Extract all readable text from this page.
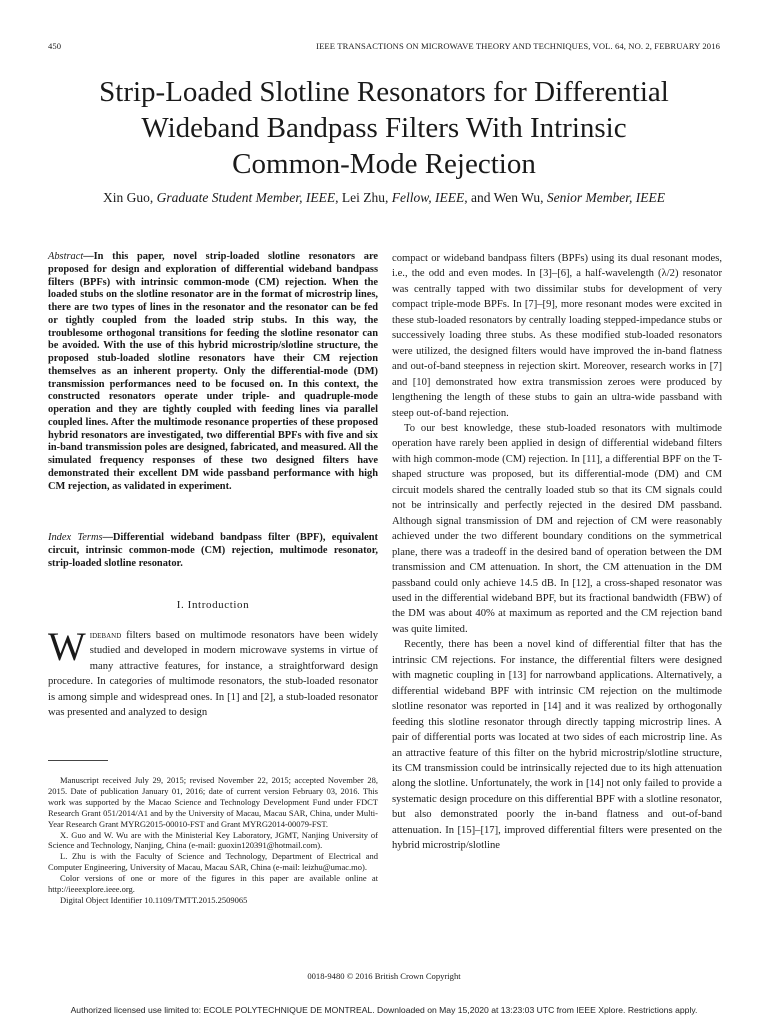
450	IEEE TRANSACTIONS ON MICROWAVE THEORY AND TECHNIQUES, VOL. 64, NO. 2, FEBRUARY 2016
Strip-Loaded Slotline Resonators for Differential
Wideband Bandpass Filters With Intrinsic
Common-Mode Rejection
Xin Guo, Graduate Student Member, IEEE, Lei Zhu, Fellow, IEEE, and Wen Wu, Senior Member, IEEE
Abstract—In this paper, novel strip-loaded slotline resonators are proposed for design and exploration of differential wideband bandpass filters (BPFs) with intrinsic common-mode (CM) rejection. When the loaded stubs on the slotline resonator are in the format of microstrip lines, there are two types of lines in the resonator and the resonator can be fed or tightly coupled from the loaded strip stubs. In this way, the troublesome orthogonal transitions for feeding the slotline resonator can be avoided. With the use of this hybrid microstrip/slotline structure, the proposed stub-loaded slotline resonators have their CM rejection themselves as an inherent property. Only the differential-mode (DM) transmission performances need to be focused on. In this context, the constructed resonators operate under triple- and quadruple-mode operation and they are tightly coupled with feeding lines via parallel coupled lines. After the multimode resonance properties of these proposed hybrid resonators are investigated, two differential BPFs with five and six in-band transmission poles are designed, fabricated, and measured. All the simulated frequency responses of these two designed filters have demonstrated their excellent DM wide passband performance with high CM rejection, as validated in experiment.
Index Terms—Differential wideband bandpass filter (BPF), equivalent circuit, intrinsic common-mode (CM) rejection, multimode resonator, strip-loaded slotline resonator.
I. Introduction
Wideband filters based on multimode resonators have been widely studied and developed in modern microwave systems in virtue of many attractive features, for instance, a straightforward design procedure. In categories of multimode resonators, the stub-loaded resonator is among simple and widespread ones. In [1] and [2], a stub-loaded resonator was presented and analyzed to design

Manuscript received July 29, 2015; revised November 22, 2015; accepted November 28, 2015. Date of publication January 01, 2016; date of current version February 03, 2016. This work was supported by the Macao Science and Technology Development Fund under FDCT Research Grant 051/2014/A1 and by the University of Macau, Macau SAR, China, under Multi-Year Research Grant MYRG2015-00010-FST and Grant MYRG2014-00079-FST.

X. Guo and W. Wu are with the Ministerial Key Laboratory, JGMT, Nanjing University of Science and Technology, Nanjing, China (e-mail: guoxin120391@hotmail.com).

L. Zhu is with the Faculty of Science and Technology, Department of Electrical and Computer Engineering, University of Macau, Macau SAR, China (e-mail: leizhu@umac.mo).

Color versions of one or more of the figures in this paper are available online at http://ieeexplore.ieee.org.

Digital Object Identifier 10.1109/TMTT.2015.2509065

compact or wideband bandpass filters (BPFs) using its dual resonant modes, i.e., the odd and even modes. In [3]–[6], a half-wavelength (λ/2) resonator was centrally tapped with two dissimilar stubs for development of very compact triple-mode BPFs. In [7]–[9], more resonant modes were excited in these stub-loaded resonators by centrally loading stepped-impedance stubs or successively loading three stubs. As these modified stub-loaded resonators were utilized, the designed filters would have improved the in-band flatness and out-of-band steepness in rejection skirt. Moreover, research works in [7] and [10] demonstrated how extra transmission zeroes were produced by lengthening the length of these stubs to gain an ultra-wide passband with steep out-of-band rejection.

To our best knowledge, these stub-loaded resonators with multimode operation have rarely been applied in design of differential wideband filters with high common-mode (CM) rejection. In [11], a differential BPF on the T-shaped structure was proposed, but its differential-mode (DM) and CM circuit models shared the centrally loaded stub so that its CM signals could not be intrinsically and perfectly rejected in the desired DM passband. Although signal transmission of DM and rejection of CM were reasonably achieved under the two different boundary conditions on the symmetrical plane, there was a tradeoff in the desired band of operation between the DM transmission and CM attenuation. In short, the CM attenuation in the DM passband could only achieve 14.5 dB. In [12], a cross-shaped resonator was used in the differential wideband BPF, but its fractional bandwidth (FBW) of the DM was about 40% at maximum as reported and the CM rejection band was quite limited.

Recently, there has been a novel kind of differential filter that has the intrinsic CM rejections. For instance, the differential filters were designed with magnetic coupling in [13] for narrowband applications. Alternatively, a differential wideband BPF with intrinsic CM rejection on the multimode slotline resonator was reported in [14] and it was realized by orthogonally feeding this slotline resonator through directly tapping microstrip lines. A pair of differential ports was located at two sides of each microstrip line. As an attractive feature of this filter on the hybrid microstrip/slotline structure, its CM transmission could be intrinsically rejected due to its high attenuation along the slotline. Unfortunately, the work in [14] not only failed to provide a systematic design procedure on this differential BPF with a slotline resonator, but also demonstrated poorly the in-band flatness and out-of-band attenuation. In [15]–[17], improved differential filters were presented on the hybrid microstrip/slotline

0018-9480 © 2016 British Crown Copyright
Authorized licensed use limited to: ECOLE POLYTECHNIQUE DE MONTREAL. Downloaded on May 15,2020 at 13:23:03 UTC from IEEE Xplore. Restrictions apply.
